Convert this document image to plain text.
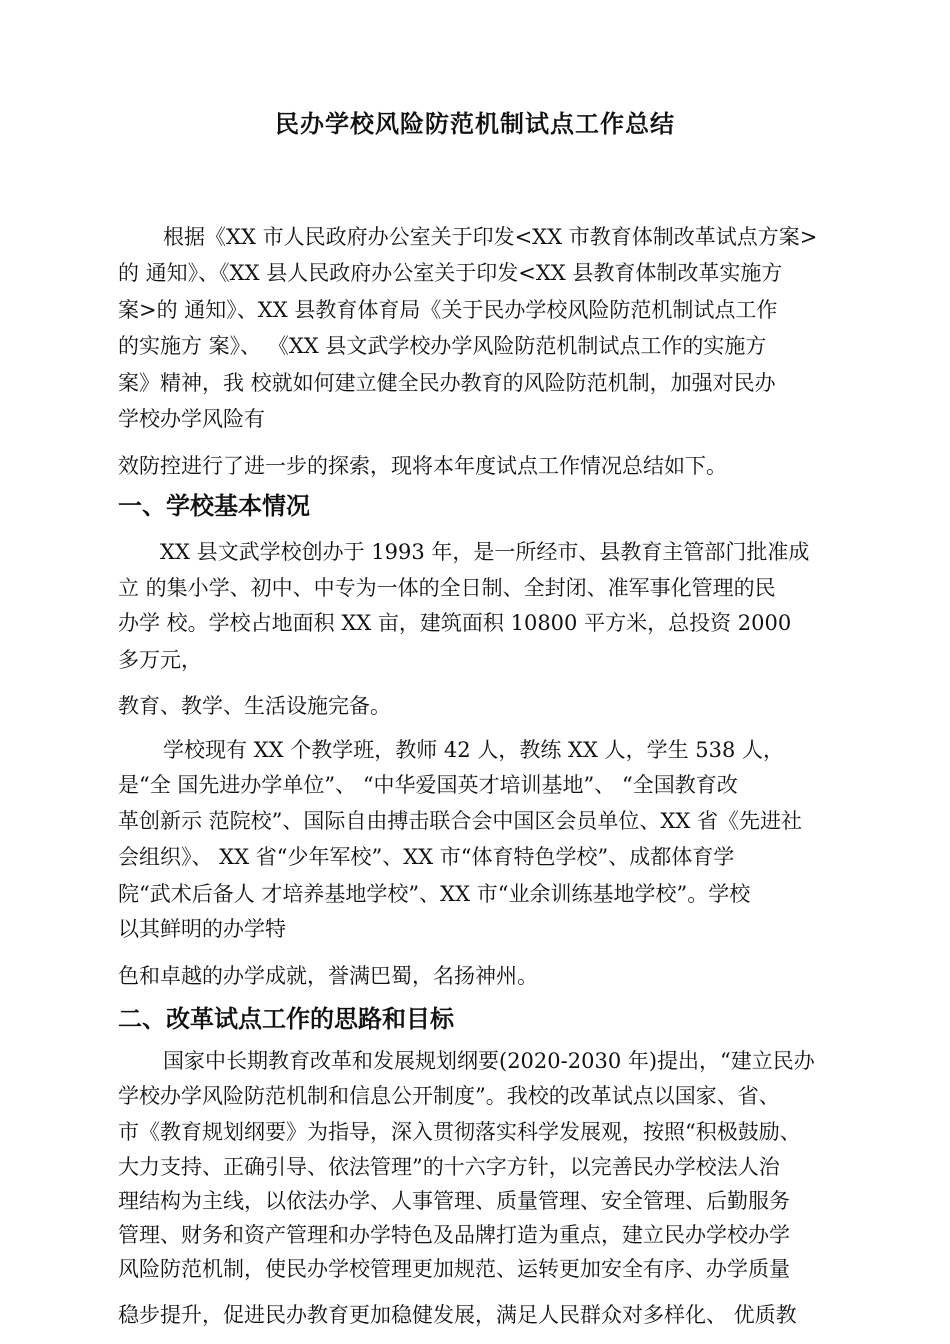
民办学校风险防范机制试点工作总结
根据《XX 市人民政府办公室关于印发<XX 市教育体制改革试点方案>
的 通知》、《XX 县人民政府办公室关于印发<XX 县教育体制改革实施方
案>的 通知》、XX 县教育体育局《关于民办学校风险防范机制试点工作
的实施方 案》、 《XX 县文武学校办学风险防范机制试点工作的实施方
案》精神，我 校就如何建立健全民办教育的风险防范机制，加强对民办
学校办学风险有
效防控进行了进一步的探索，现将本年度试点工作情况总结如下。
一、学校基本情况
XX 县文武学校创办于 1993 年，是一所经市、县教育主管部门批准成
立 的集小学、初中、中专为一体的全日制、全封闭、准军事化管理的民
办学 校。学校占地面积 XX 亩，建筑面积 10800 平方米，总投资 2000
多万元，
教育、教学、生活设施完备。
学校现有 XX 个教学班，教师 42 人，教练 XX 人，学生 538 人，
是“全 国先进办学单位”、 “中华爱国英才培训基地”、 “全国教育改
革创新示 范院校”、国际自由搏击联合会中国区会员单位、XX 省《先进社
会组织》、 XX 省“少年军校”、XX 市“体育特色学校”、成都体育学
院“武术后备人 才培养基地学校”、XX 市“业余训练基地学校”。学校
以其鲜明的办学特
色和卓越的办学成就，誉满巴蜀，名扬神州。
二、改革试点工作的思路和目标
国家中长期教育改革和发展规划纲要(2020-2030 年)提出，“建立民办
学校办学风险防范机制和信息公开制度”。我校的改革试点以国家、省、
市《教育规划纲要》为指导，深入贯彻落实科学发展观，按照“积极鼓励、
大力支持、正确引导、依法管理”的十六字方针，以完善民办学校法人治
理结构为主线，以依法办学、人事管理、质量管理、安全管理、后勤服务
管理、财务和资产管理和办学特色及品牌打造为重点，建立民办学校办学
风险防范机制，使民办学校管理更加规范、运转更加安全有序、办学质量
稳步提升，促进民办教育更加稳健发展，满足人民群众对多样化、 优质教
